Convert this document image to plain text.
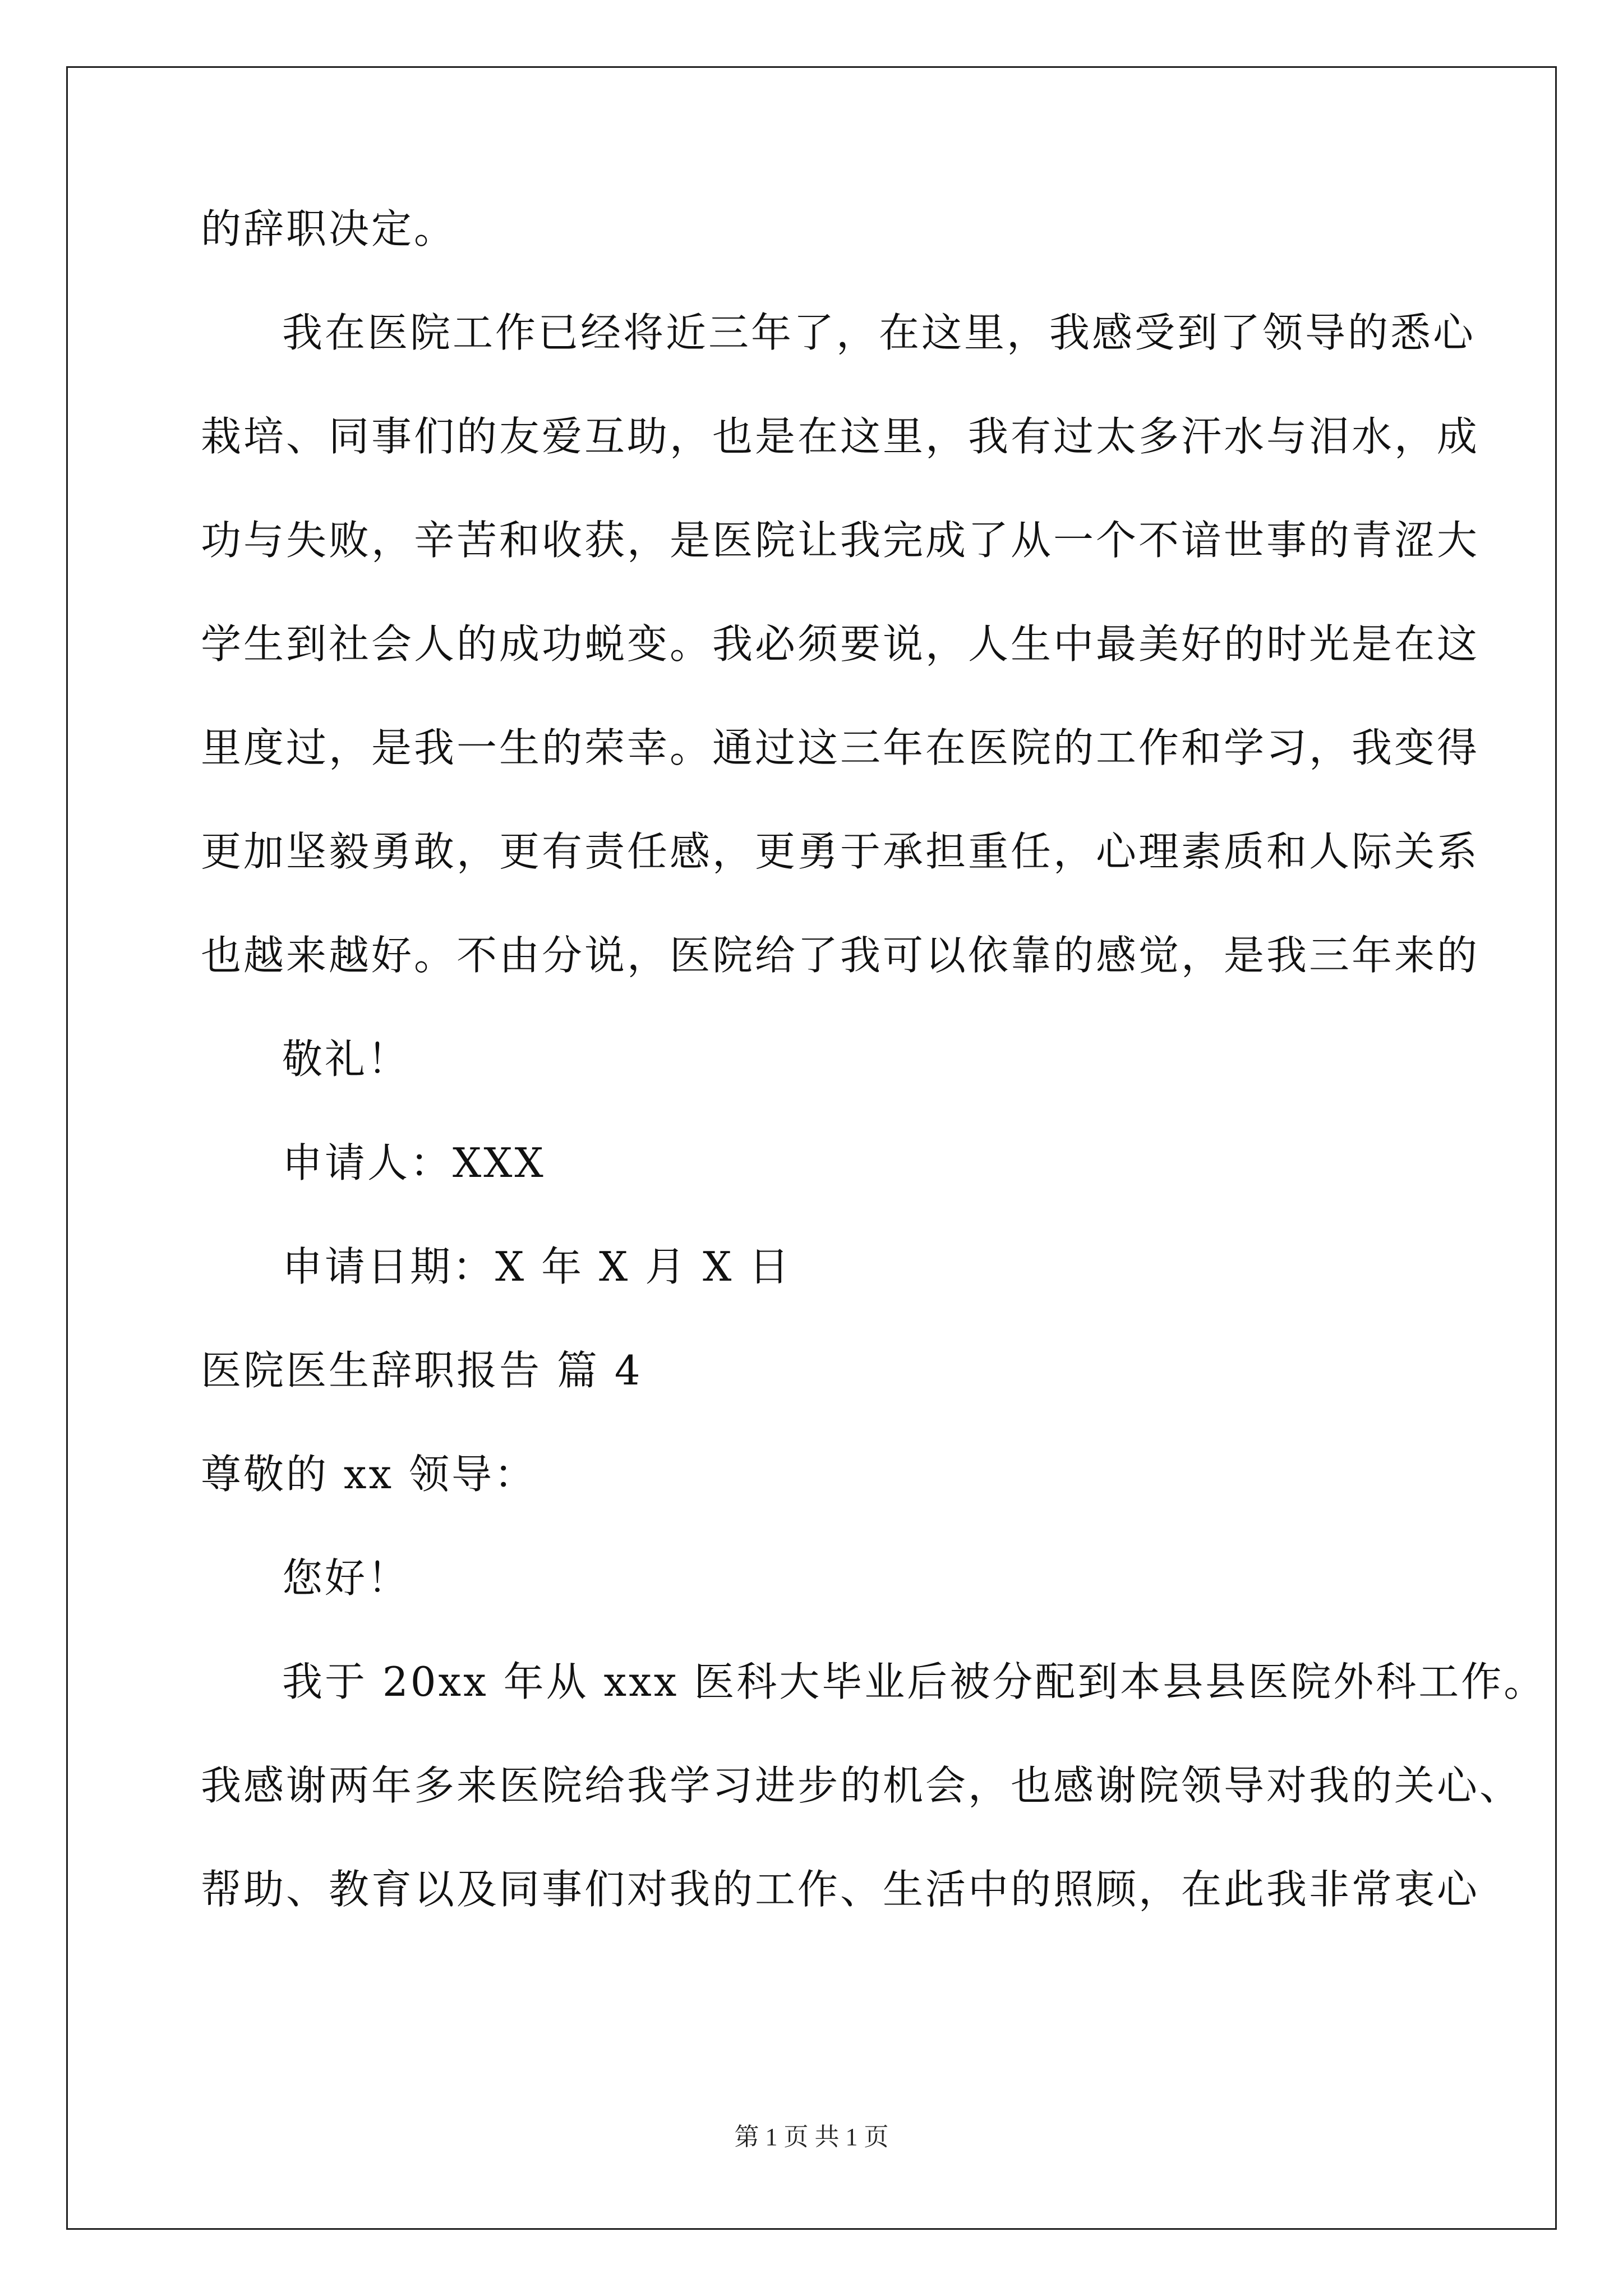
的辞职决定。
我在医院工作已经将近三年了，在这里，我感受到了领导的悉心
栽培、同事们的友爱互助，也是在这里，我有过太多汗水与泪水，成
功与失败，辛苦和收获，是医院让我完成了从一个不谙世事的青涩大
学生到社会人的成功蜕变。我必须要说，人生中最美好的时光是在这
里度过，是我一生的荣幸。通过这三年在医院的工作和学习，我变得
更加坚毅勇敢，更有责任感，更勇于承担重任，心理素质和人际关系
也越来越好。不由分说，医院给了我可以依靠的感觉，是我三年来的
敬礼！
申请人：XXX
申请日期：X 年 X 月 X 日
医院医生辞职报告 篇 4
尊敬的 xx 领导：
您好！
我于 20xx 年从 xxx 医科大毕业后被分配到本县县医院外科工作。
我感谢两年多来医院给我学习进步的机会，也感谢院领导对我的关心、
帮助、教育以及同事们对我的工作、生活中的照顾，在此我非常衷心
第 1 页 共 1 页
